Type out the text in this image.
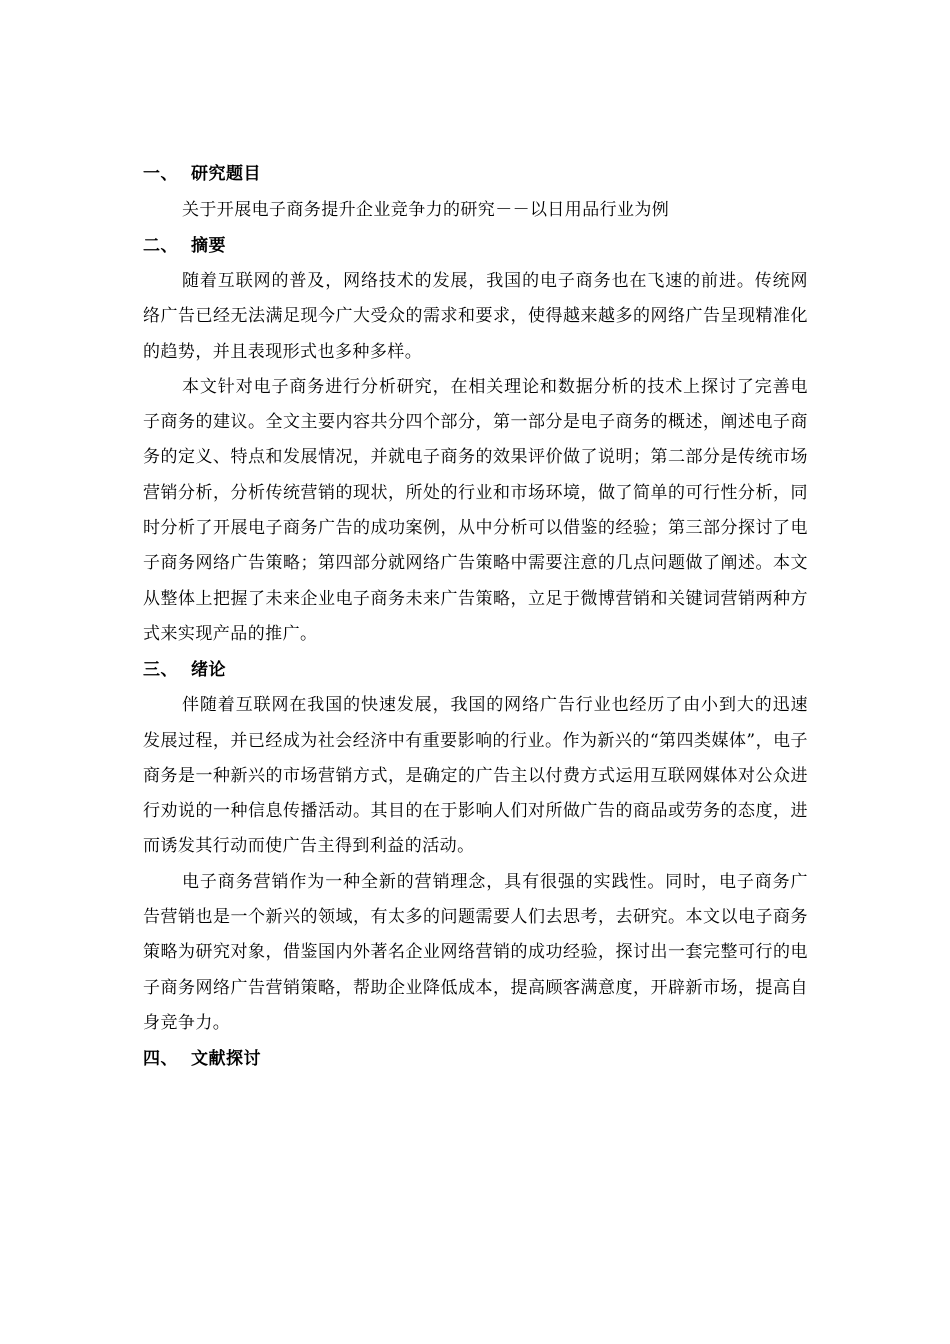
一、 研究题目
关于开展电子商务提升企业竞争力的研究－－以日用品行业为例
二、 摘要

随着互联网的普及，网络技术的发展，我国的电子商务也在飞速的前进。传统网络广告已经无法满足现今广大受众的需求和要求，使得越来越多的网络广告呈现精准化的趋势，并且表现形式也多种多样。

本文针对电子商务进行分析研究，在相关理论和数据分析的技术上探讨了完善电子商务的建议。全文主要内容共分四个部分，第一部分是电子商务的概述，阐述电子商务的定义、特点和发展情况，并就电子商务的效果评价做了说明；第二部分是传统市场营销分析，分析传统营销的现状，所处的行业和市场环境，做了简单的可行性分析，同时分析了开展电子商务广告的成功案例，从中分析可以借鉴的经验；第三部分探讨了电子商务网络广告策略；第四部分就网络广告策略中需要注意的几点问题做了阐述。本文从整体上把握了未来企业电子商务未来广告策略，立足于微博营销和关键词营销两种方式来实现产品的推广。

三、 绪论

伴随着互联网在我国的快速发展，我国的网络广告行业也经历了由小到大的迅速发展过程，并已经成为社会经济中有重要影响的行业。作为新兴的“第四类媒体”，电子商务是一种新兴的市场营销方式，是确定的广告主以付费方式运用互联网媒体对公众进行劝说的一种信息传播活动。其目的在于影响人们对所做广告的商品或劳务的态度，进而诱发其行动而使广告主得到利益的活动。

电子商务营销作为一种全新的营销理念，具有很强的实践性。同时，电子商务广告营销也是一个新兴的领域，有太多的问题需要人们去思考，去研究。本文以电子商务策略为研究对象，借鉴国内外著名企业网络营销的成功经验，探讨出一套完整可行的电子商务网络广告营销策略，帮助企业降低成本，提高顾客满意度，开辟新市场，提高自身竞争力。

四、 文献探讨
